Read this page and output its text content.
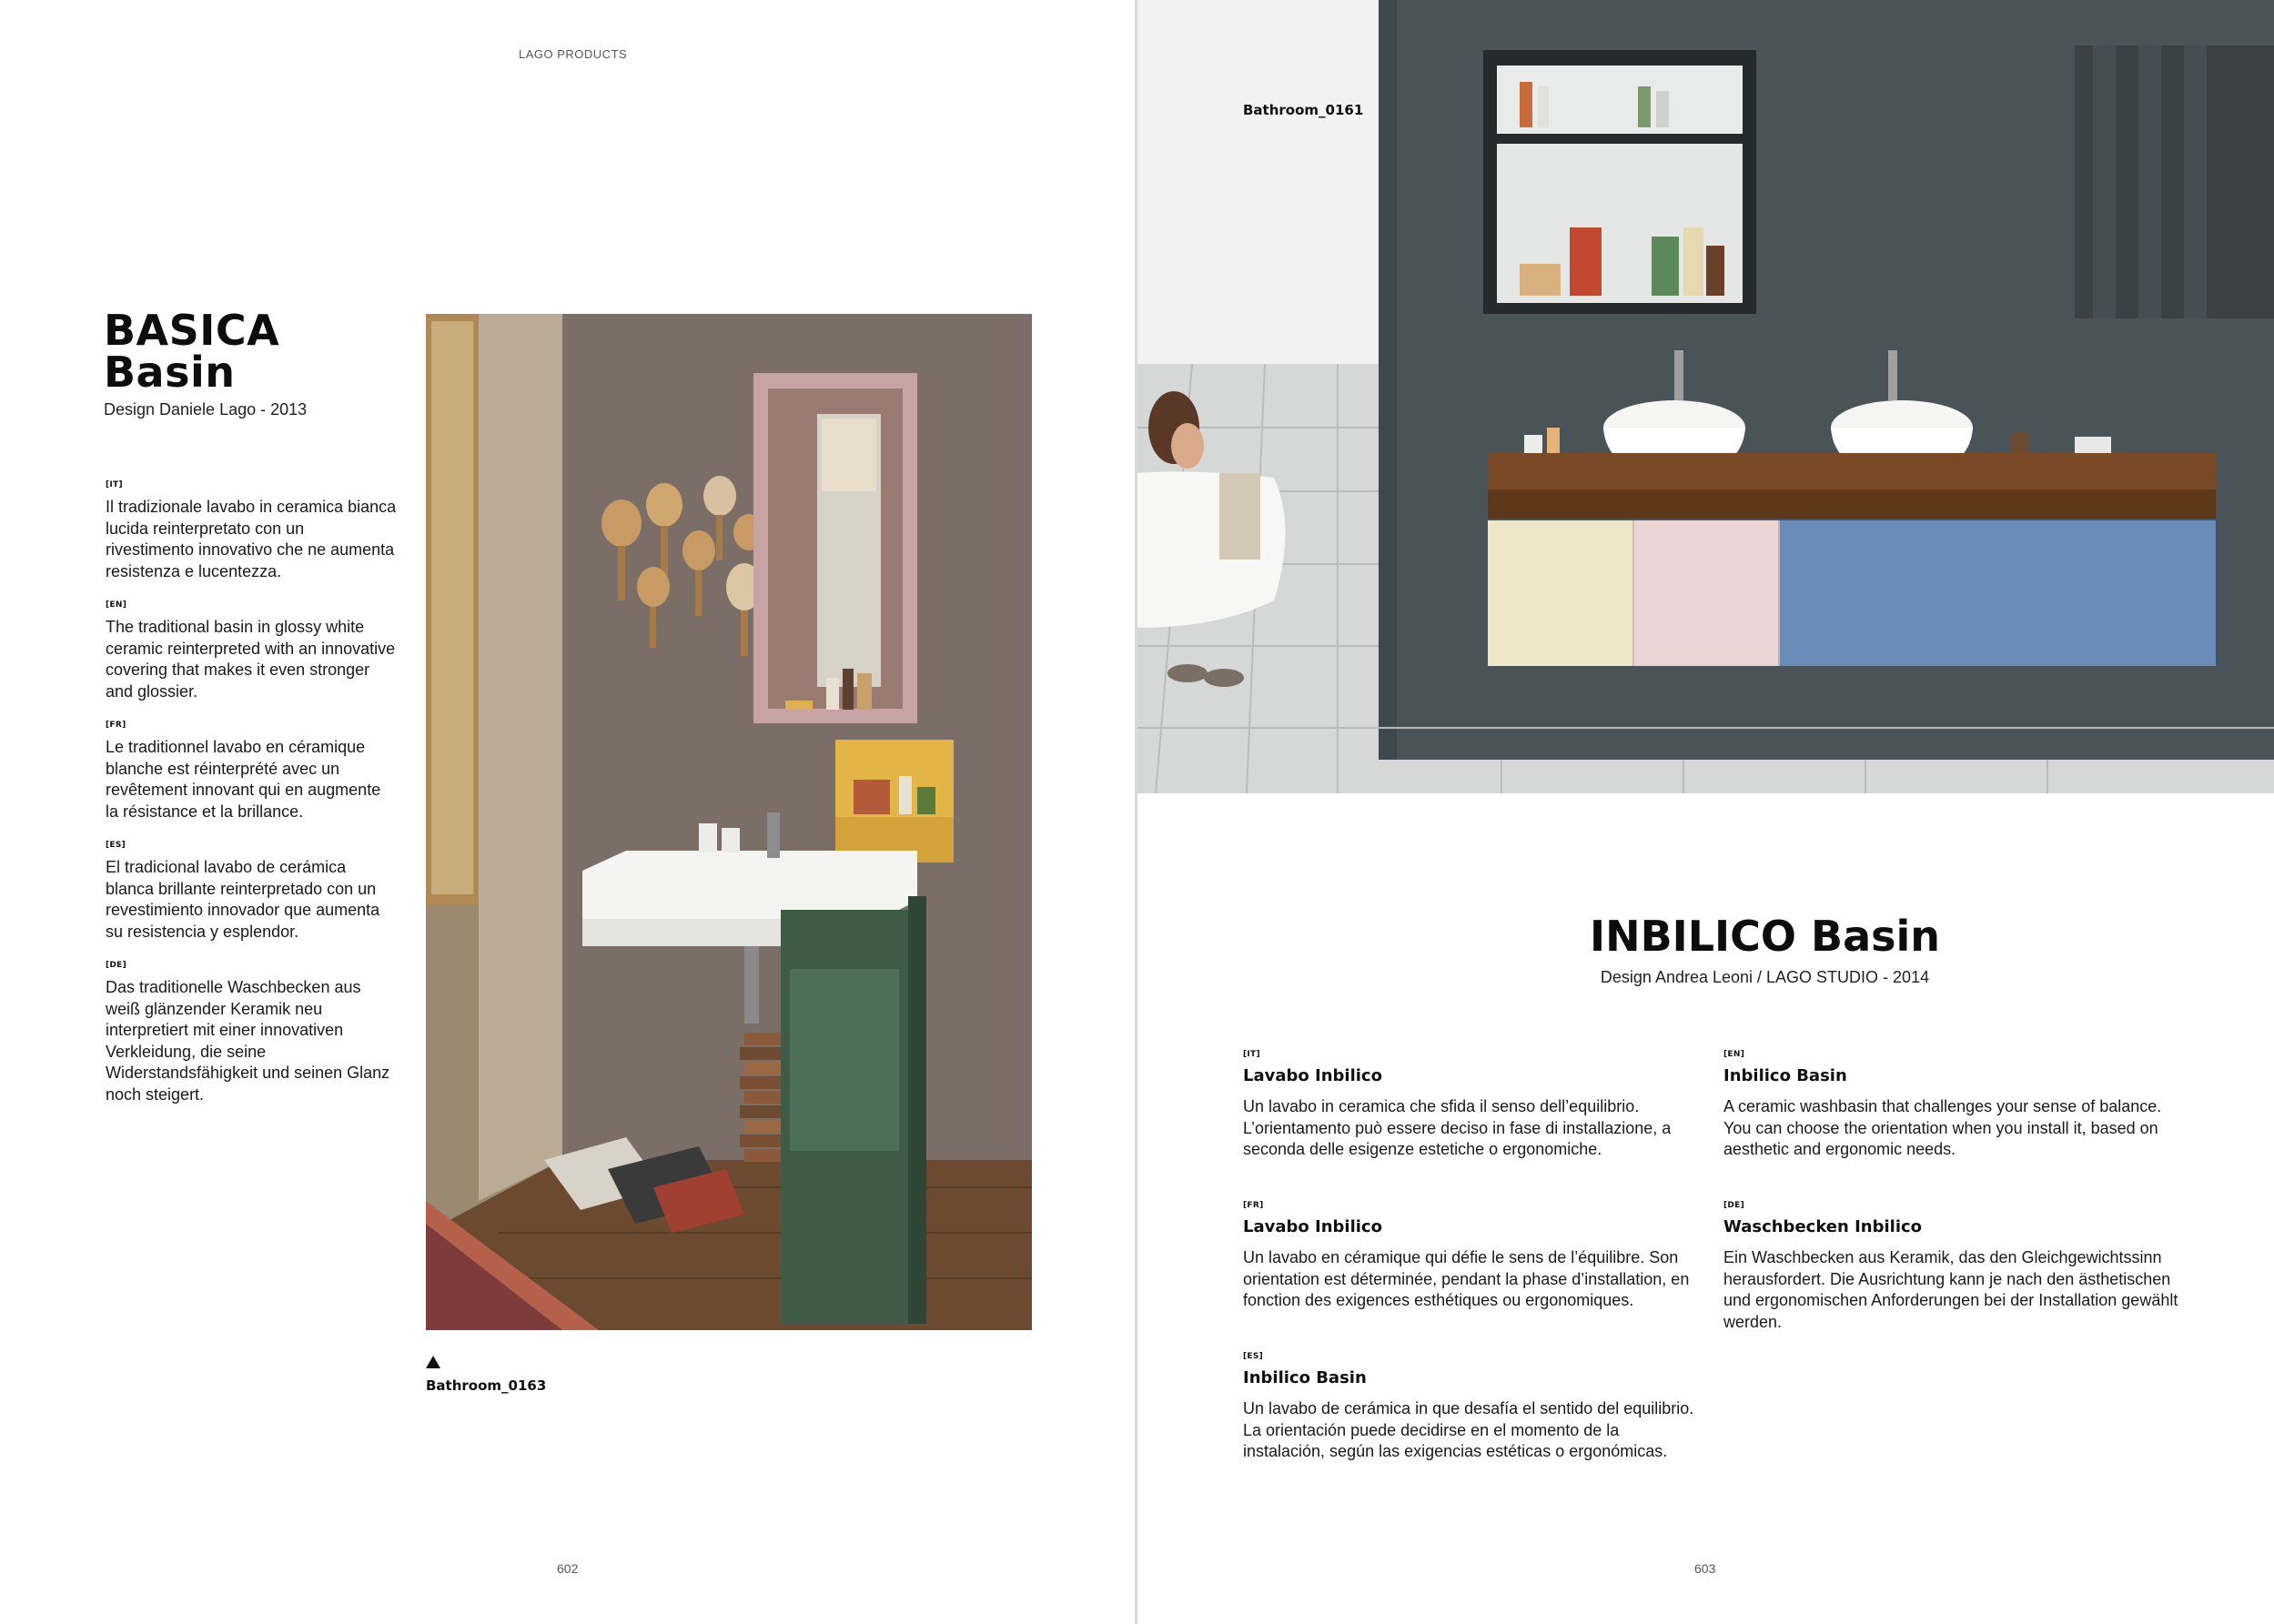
LAGO PRODUCTS
BASICA
Basin
Design Daniele Lago - 2013
[IT]
Il tradizionale lavabo in ceramica bianca lucida reinterpretato con un rivestimento innovativo che ne aumenta resistenza e lucentezza.
[EN]
The traditional basin in glossy white ceramic reinterpreted with an innovative covering that makes it even stronger and glossier.
[FR]
Le traditionnel lavabo en céramique blanche est réinterprété avec un revêtement innovant qui en augmente la résistance et la brillance.
[ES]
El tradicional lavabo de cerámica blanca brillante reinterpretado con un revestimiento innovador que aumenta su resistencia y esplendor.
[DE]
Das traditionelle Waschbecken aus weiß glänzender Keramik neu interpretiert mit einer innovativen Verkleidung, die seine Widerstandsfähigkeit und seinen Glanz noch steigert.
Bathroom_0163
602
Bathroom_0161
INBILICO Basin
Design Andrea Leoni / LAGO STUDIO - 2014
[IT]
Lavabo Inbilico
Un lavabo in ceramica che sfida il senso dell’equilibrio. L’orientamento può essere deciso in fase di installazione, a seconda delle esigenze estetiche o ergonomiche.
[EN]
Inbilico Basin
A ceramic washbasin that challenges your sense of balance. You can choose the orientation when you install it, based on aesthetic and ergonomic needs.
[FR]
Lavabo Inbilico
Un lavabo en céramique qui défie le sens de l’équilibre. Son orientation est déterminée, pendant la phase d’installation, en fonction des exigences esthétiques ou ergonomiques.
[DE]
Waschbecken Inbilico
Ein Waschbecken aus Keramik, das den Gleichgewichtssinn herausfordert. Die Ausrichtung kann je nach den ästhetischen und ergonomischen Anforderungen bei der Installation gewählt werden.
[ES]
Inbilico Basin
Un lavabo de cerámica in que desafía el sentido del equilibrio. La orientación puede decidirse en el momento de la instalación, según las exigencias estéticas o ergonómicas.
603
